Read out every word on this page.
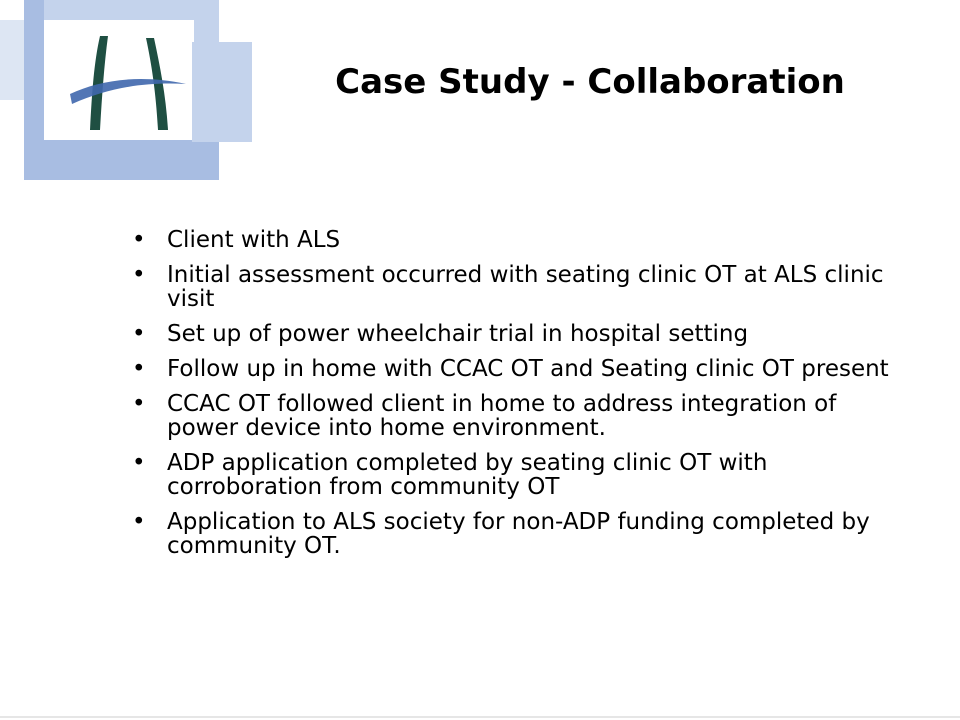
Case Study - Collaboration
• Client with ALS
• Initial assessment occurred with seating clinic OT at ALS clinic visit
• Set up of power wheelchair trial in hospital setting
• Follow up in home with CCAC OT and Seating clinic OT present
• CCAC OT followed client in home to address integration of power device into home environment.
• ADP application completed by seating clinic OT with corroboration from community OT
• Application to ALS society for non-ADP funding completed by community OT.
